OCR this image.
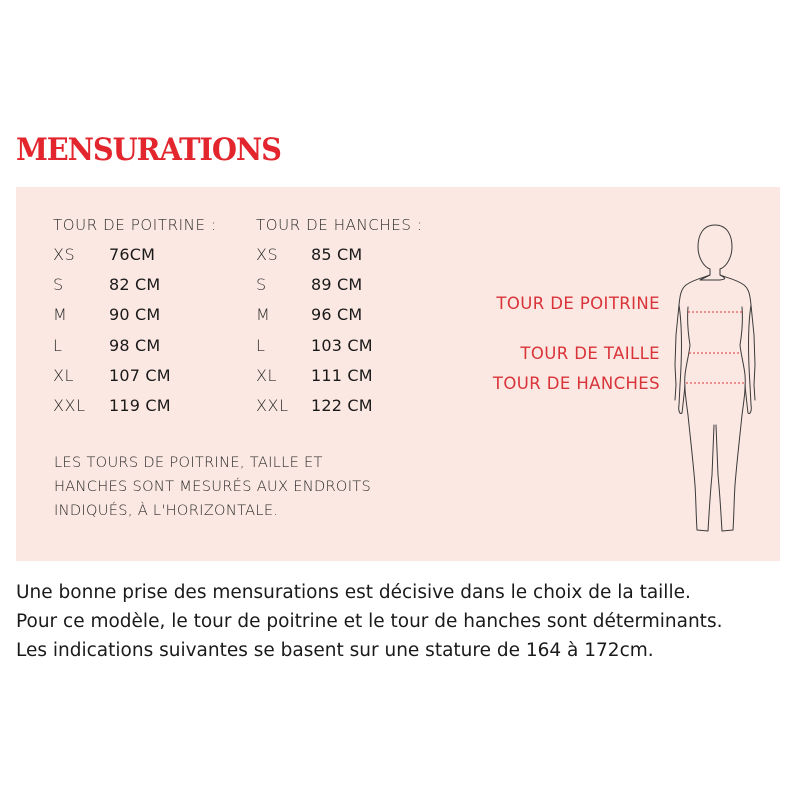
MENSURATIONS
TOUR DE POITRINE :
XS 76CM
S	82 CM
M	90 CM
L	98 CM
XL 107 CM
XXL 119 CM
TOUR DE HANCHES :
XS 85 CM
S	89 CM
M	96 CM
L	103 CM
XL 111 CM
XXL 122 CM
LES TOURS DE POITRINE, TAILLE ET
HANCHES SONT MESURÉS AUX ENDROITS
INDIQUÉS, À L'HORIZONTALE.
TOUR DE POITRINE
TOUR DE TAILLE
TOUR DE HANCHES
Une bonne prise des mensurations est décisive dans le choix de la taille.
Pour ce modèle, le tour de poitrine et le tour de hanches sont déterminants.
Les indications suivantes se basent sur une stature de 164 à 172cm.
